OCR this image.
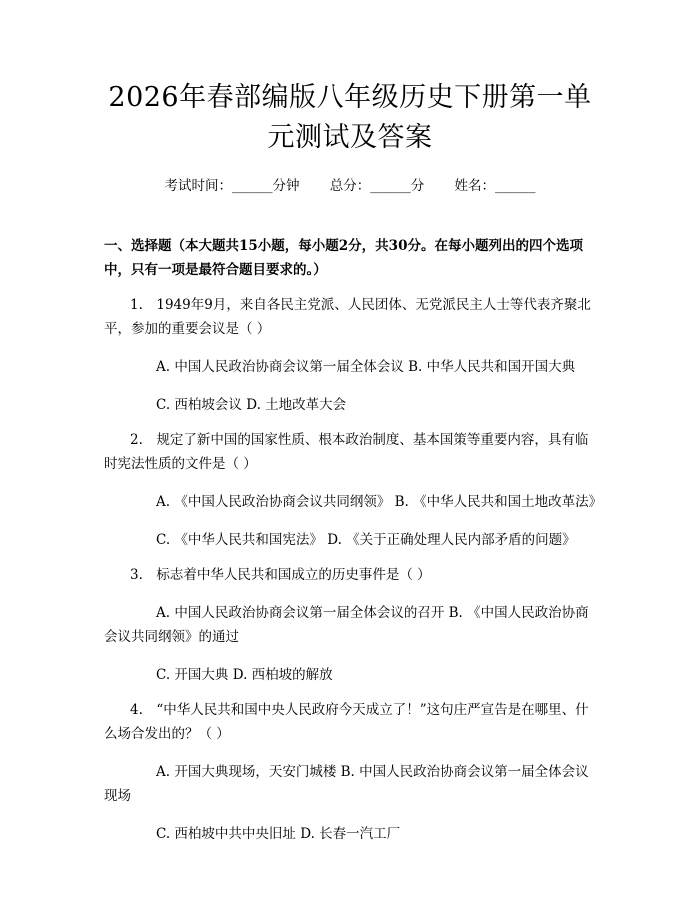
2026年春部编版八年级历史下册第一单元测试及答案
考试时间：______分钟 总分：______分 姓名：______
一、选择题（本大题共15小题，每小题2分，共30分。在每小题列出的四个选项中，只有一项是最符合题目要求的。）
1.　1949年9月，来自各民主党派、人民团体、无党派民主人士等代表齐聚北平，参加的重要会议是（ ）
A. 中国人民政治协商会议第一届全体会议 B. 中华人民共和国开国大典
C. 西柏坡会议 D. 土地改革大会
2.　规定了新中国的国家性质、根本政治制度、基本国策等重要内容，具有临时宪法性质的文件是（ ）
A. 《中国人民政治协商会议共同纲领》 B. 《中华人民共和国土地改革法》
C. 《中华人民共和国宪法》 D. 《关于正确处理人民内部矛盾的问题》
3.　标志着中华人民共和国成立的历史事件是（ ）
A. 中国人民政治协商会议第一届全体会议的召开 B. 《中国人民政治协商会议共同纲领》的通过
C. 开国大典 D. 西柏坡的解放
4.　“中华人民共和国中央人民政府今天成立了！”这句庄严宣告是在哪里、什么场合发出的？（ ）
A. 开国大典现场，天安门城楼 B. 中国人民政治协商会议第一届全体会议现场
C. 西柏坡中共中央旧址 D. 长春一汽工厂
